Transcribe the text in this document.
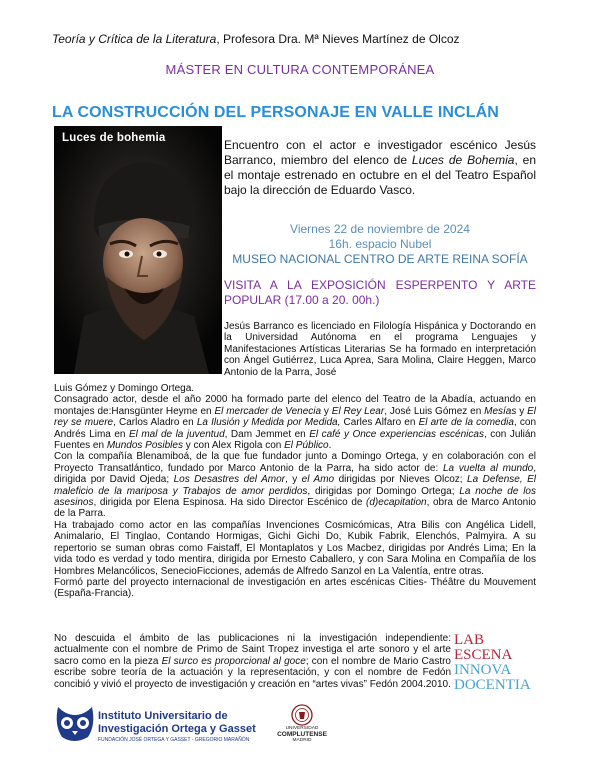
Teoría y Crítica de la Literatura, Profesora Dra. Mª Nieves Martínez de Olcoz
MÁSTER EN CULTURA CONTEMPORÁNEA
LA CONSTRUCCIÓN DEL PERSONAJE EN VALLE INCLÁN
Luces de bohemia	Encuentro con el actor e investigador escénico Jesús Barranco, miembro del elenco de Luces de Bohemia, en el montaje estrenado en octubre en el del Teatro Español bajo la dirección de Eduardo Vasco.
Viernes 22 de noviembre de 2024
16h. espacio Nubel
MUSEO NACIONAL CENTRO DE ARTE REINA SOFÍA
VISITA A LA EXPOSICIÓN ESPERPENTO Y ARTE POPULAR (17.00 a 20. 00h.)
Jesús Barranco es licenciado en Filología Hispánica y Doctorando en la Universidad Autónoma en el programa Lenguajes y Manifestaciones Artísticas Literarias Se ha formado en interpretación con Ángel Gutiérrez, Luca Aprea, Sara Molina, Claire Heggen, Marco Antonio de la Parra, José

Luis Gómez y Domingo Ortega.

Consagrado actor, desde el año 2000 ha formado parte del elenco del Teatro de la Abadía, actuando en montajes de:Hansgünter Heyme en El mercader de Venecia y El Rey Lear, José Luis Gómez en Mesías y El rey se muere, Carlos Aladro en La Ilusión y Medida por Medida, Carles Alfaro en El arte de la comedia, con Andrés Lima en El mal de la juventud, Dam Jemmet en El café y Once experiencias escénicas, con Julián Fuentes en Mundos Posibles y con Alex Rigola con El Público.

Con la compañía Blenamiboá, de la que fue fundador junto a Domingo Ortega, y en colaboración con el Proyecto Transatlántico, fundado por Marco Antonio de la Parra, ha sido actor de: La vuelta al mundo, dirigida por David Ojeda; Los Desastres del Amor, y el Amo dirigidas por Nieves Olcoz; La Defense, El maleficio de la mariposa y Trabajos de amor perdidos, dirigidas por Domingo Ortega; La noche de los asesinos, dirigida por Elena Espinosa. Ha sido Director Escénico de (d)ecapitation, obra de Marco Antonio de la Parra.

Ha trabajado como actor en las compañías Invenciones Cosmicómicas, Atra Bilis con Angélica Lidell, Animalario, El Tinglao, Contando Hormigas, Gichi Gichi Do, Kubik Fabrik, Elenchós, Palmyira. A su repertorio se suman obras como Faistaff, El Montaplatos y Los Macbez, dirigidas por Andrés Lima; En la vida todo es verdad y todo mentira, dirigida por Ernesto Caballero, y con Sara Molina en Compañía de los Hombres Melancólicos, SenecioFicciones, además de Alfredo Sanzol en La Valentía, entre otras.

Formó parte del proyecto internacional de investigación en artes escénicas Cities- Théâtre du Mouvement (España-Francia).

No descuida el ámbito de las publicaciones ni la investigación independiente: actualmente con el nombre de Primo de Saint Tropez investiga el arte sonoro y el arte sacro como en la pieza El surco es proporcional al goce; con el nombre de Mario Castro escribe sobre teoría de la actuación y la representación, y con el nombre de Fedón concibió y vivió el proyecto de investigación y creación en “artes vivas” Fedón 2004.2010.
LAB
ESCENA
INNOVA
DOCENTIA
Instituto Universitario de
Investigación Ortega y Gasset
FUNDACIÓN JOSÉ ORTEGA Y GASSET - GREGORIO MARAÑÓN
UNIVERSIDAD
COMPLUTENSE
MADRID
